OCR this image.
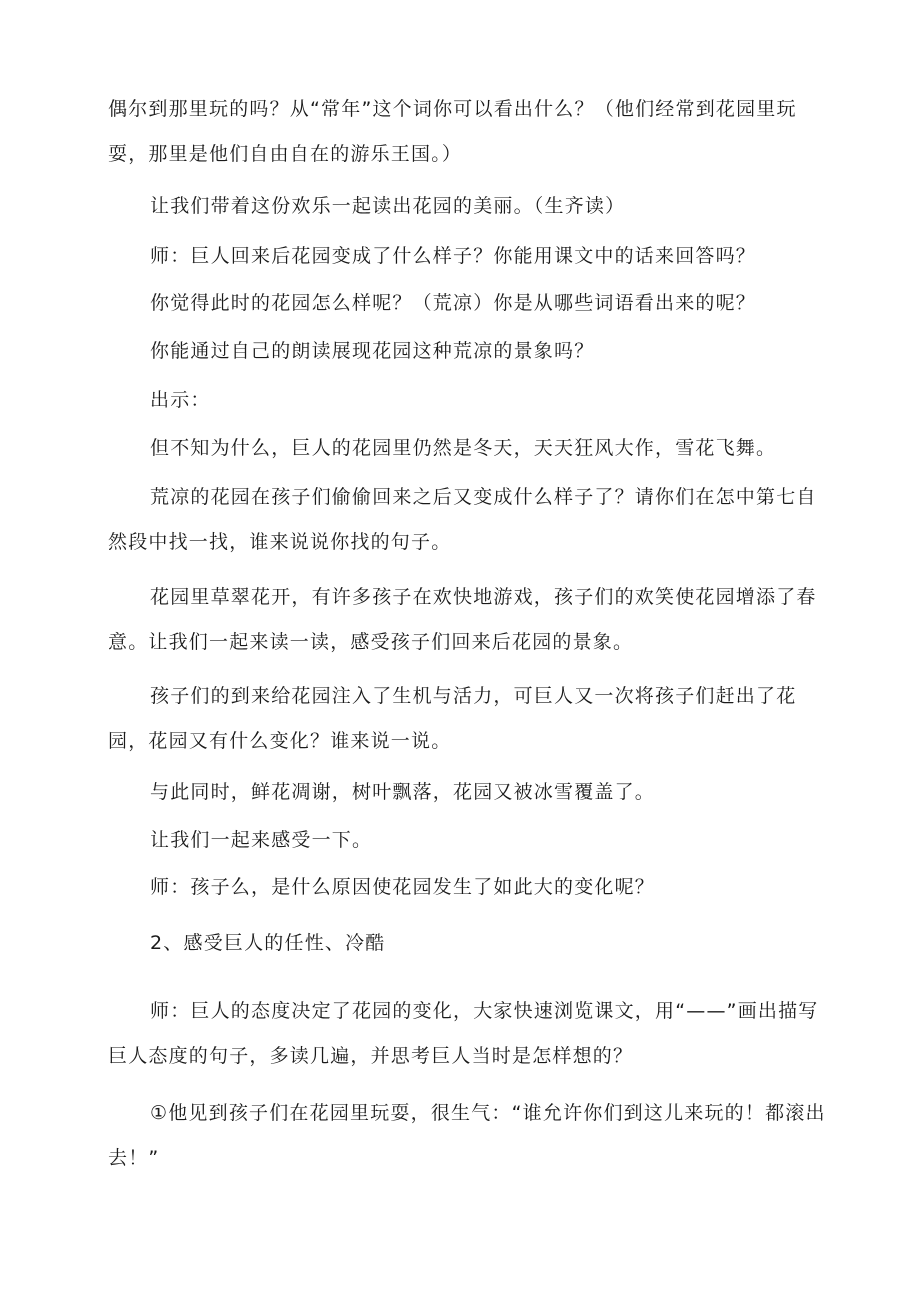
偶尔到那里玩的吗？从“常年”这个词你可以看出什么？（他们经常到花园里玩耍，那里是他们自由自在的游乐王国。）

让我们带着这份欢乐一起读出花园的美丽。（生齐读）

师：巨人回来后花园变成了什么样子？你能用课文中的话来回答吗？

你觉得此时的花园怎么样呢？（荒凉）你是从哪些词语看出来的呢？

你能通过自己的朗读展现花园这种荒凉的景象吗？

出示：

但不知为什么，巨人的花园里仍然是冬天，天天狂风大作，雪花飞舞。

荒凉的花园在孩子们偷偷回来之后又变成什么样子了？请你们在怎中第七自然段中找一找，谁来说说你找的句子。

花园里草翠花开，有许多孩子在欢快地游戏，孩子们的欢笑使花园增添了春意。让我们一起来读一读，感受孩子们回来后花园的景象。

孩子们的到来给花园注入了生机与活力，可巨人又一次将孩子们赶出了花园，花园又有什么变化？谁来说一说。

与此同时，鲜花凋谢，树叶飘落，花园又被冰雪覆盖了。

让我们一起来感受一下。

师：孩子么，是什么原因使花园发生了如此大的变化呢？

2、感受巨人的任性、冷酷

师：巨人的态度决定了花园的变化，大家快速浏览课文，用“——”画出描写巨人态度的句子，多读几遍，并思考巨人当时是怎样想的？

①他见到孩子们在花园里玩耍，很生气：“谁允许你们到这儿来玩的！都滚出去！”
